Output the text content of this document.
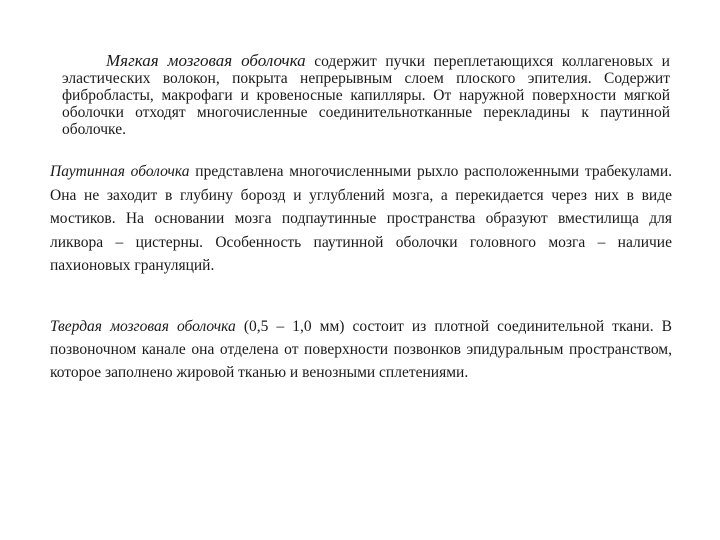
Мягкая мозговая оболочка содержит пучки переплетающихся коллагеновых и эластических волокон, покрыта непрерывным слоем плоского эпителия. Содержит фибробласты, макрофаги и кровеносные капилляры. От наружной поверхности мягкой оболочки отходят многочисленные соединительнотканные перекладины к паутинной оболочке.

Паутинная оболочка представлена многочисленными рыхло расположенными трабекулами. Она не заходит в глубину борозд и углублений мозга, а перекидается через них в виде мостиков. На основании мозга подпаутинные пространства образуют вместилища для ликвора – цистерны. Особенность паутинной оболочки головного мозга – наличие пахионовых грануляций.

Твердая мозговая оболочка (0,5 – 1,0 мм) состоит из плотной соединительной ткани. В позвоночном канале она отделена от поверхности позвонков эпидуральным пространством, которое заполнено жировой тканью и венозными сплетениями.
